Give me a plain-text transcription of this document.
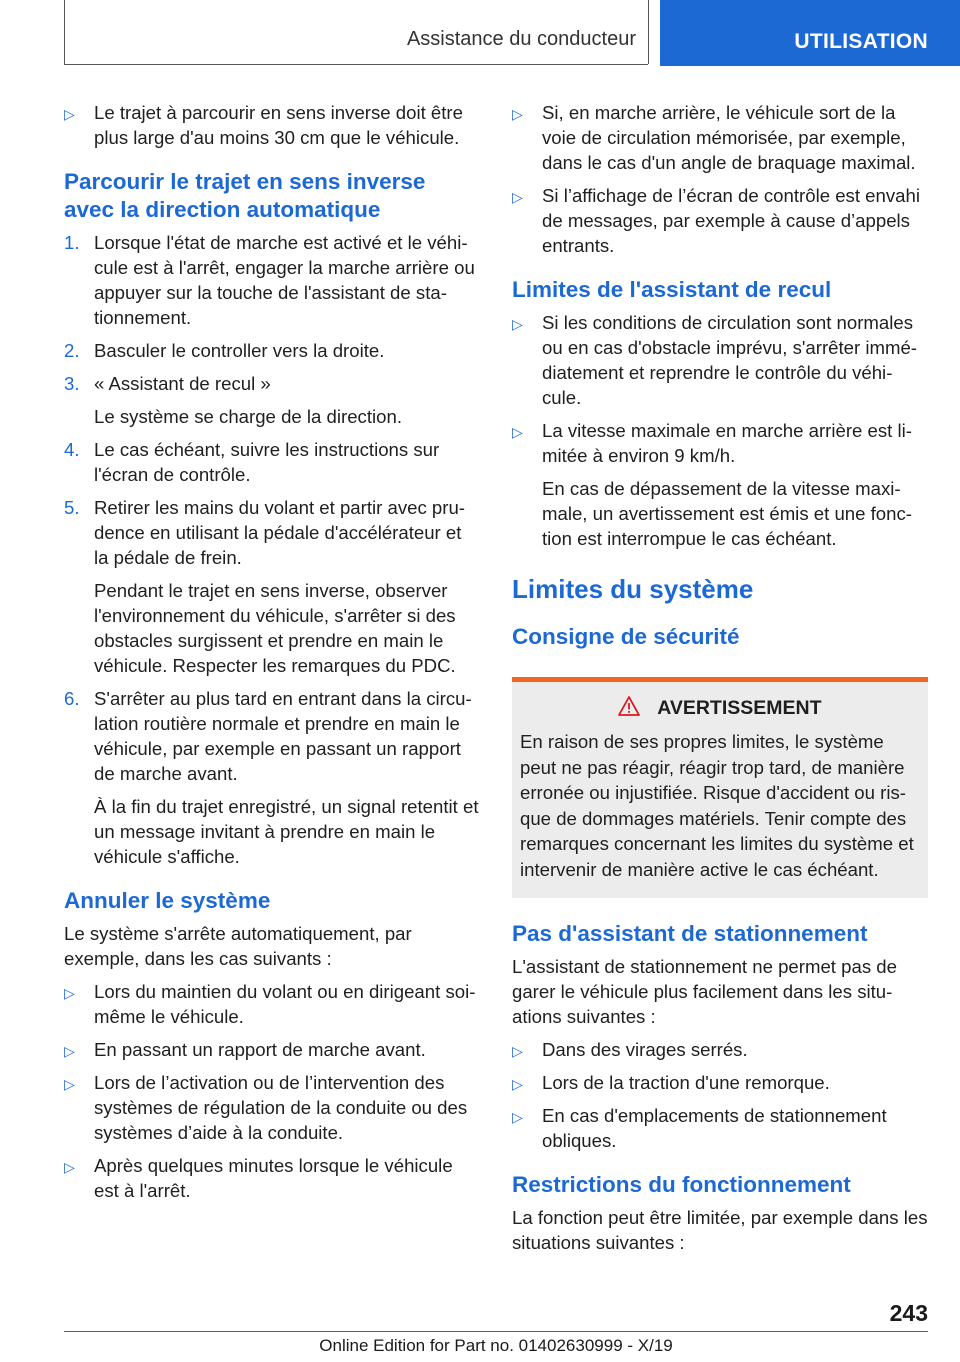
Assistance du conducteur	UTILISATION
▷ Le trajet à parcourir en sens inverse doit être plus large d'au moins 30 cm que le véhicule.
Parcourir le trajet en sens inverse avec la direction automatique
1. Lorsque l'état de marche est activé et le véhi-cule est à l'arrêt, engager la marche arrière ou appuyer sur la touche de l'assistant de sta-tionnement.
2. Basculer le controller vers la droite.
3. « Assistant de recul »
Le système se charge de la direction.
4. Le cas échéant, suivre les instructions sur l'écran de contrôle.
5. Retirer les mains du volant et partir avec pru-dence en utilisant la pédale d'accélérateur et la pédale de frein.
Pendant le trajet en sens inverse, observer l'environnement du véhicule, s'arrêter si des obstacles surgissent et prendre en main le véhicule. Respecter les remarques du PDC.
6. S'arrêter au plus tard en entrant dans la circu-lation routière normale et prendre en main le véhicule, par exemple en passant un rapport de marche avant.
À la fin du trajet enregistré, un signal retentit et un message invitant à prendre en main le véhicule s'affiche.
Annuler le système
Le système s'arrête automatiquement, par exemple, dans les cas suivants :
▷ Lors du maintien du volant ou en dirigeant soi-même le véhicule.
▷ En passant un rapport de marche avant.
▷ Lors de l’activation ou de l’intervention des systèmes de régulation de la conduite ou des systèmes d’aide à la conduite.
▷ Après quelques minutes lorsque le véhicule est à l'arrêt.
▷ Si, en marche arrière, le véhicule sort de la voie de circulation mémorisée, par exemple, dans le cas d'un angle de braquage maximal.
▷ Si l’affichage de l’écran de contrôle est envahi de messages, par exemple à cause d’appels entrants.
Limites de l'assistant de recul
▷ Si les conditions de circulation sont normales ou en cas d'obstacle imprévu, s'arrêter immé-diatement et reprendre le contrôle du véhi-cule.
▷ La vitesse maximale en marche arrière est li-mitée à environ 9 km/h.
En cas de dépassement de la vitesse maxi-male, un avertissement est émis et une fonc-tion est interrompue le cas échéant.
Limites du système
Consigne de sécurité
AVERTISSEMENT
En raison de ses propres limites, le système peut ne pas réagir, réagir trop tard, de manière erronée ou injustifiée. Risque d'accident ou ris-que de dommages matériels. Tenir compte des remarques concernant les limites du système et intervenir de manière active le cas échéant.
Pas d'assistant de stationnement
L'assistant de stationnement ne permet pas de garer le véhicule plus facilement dans les situ-ations suivantes :
▷ Dans des virages serrés.
▷ Lors de la traction d'une remorque.
▷ En cas d'emplacements de stationnement obliques.
Restrictions du fonctionnement
La fonction peut être limitée, par exemple dans les situations suivantes :
243
Online Edition for Part no. 01402630999 - X/19
